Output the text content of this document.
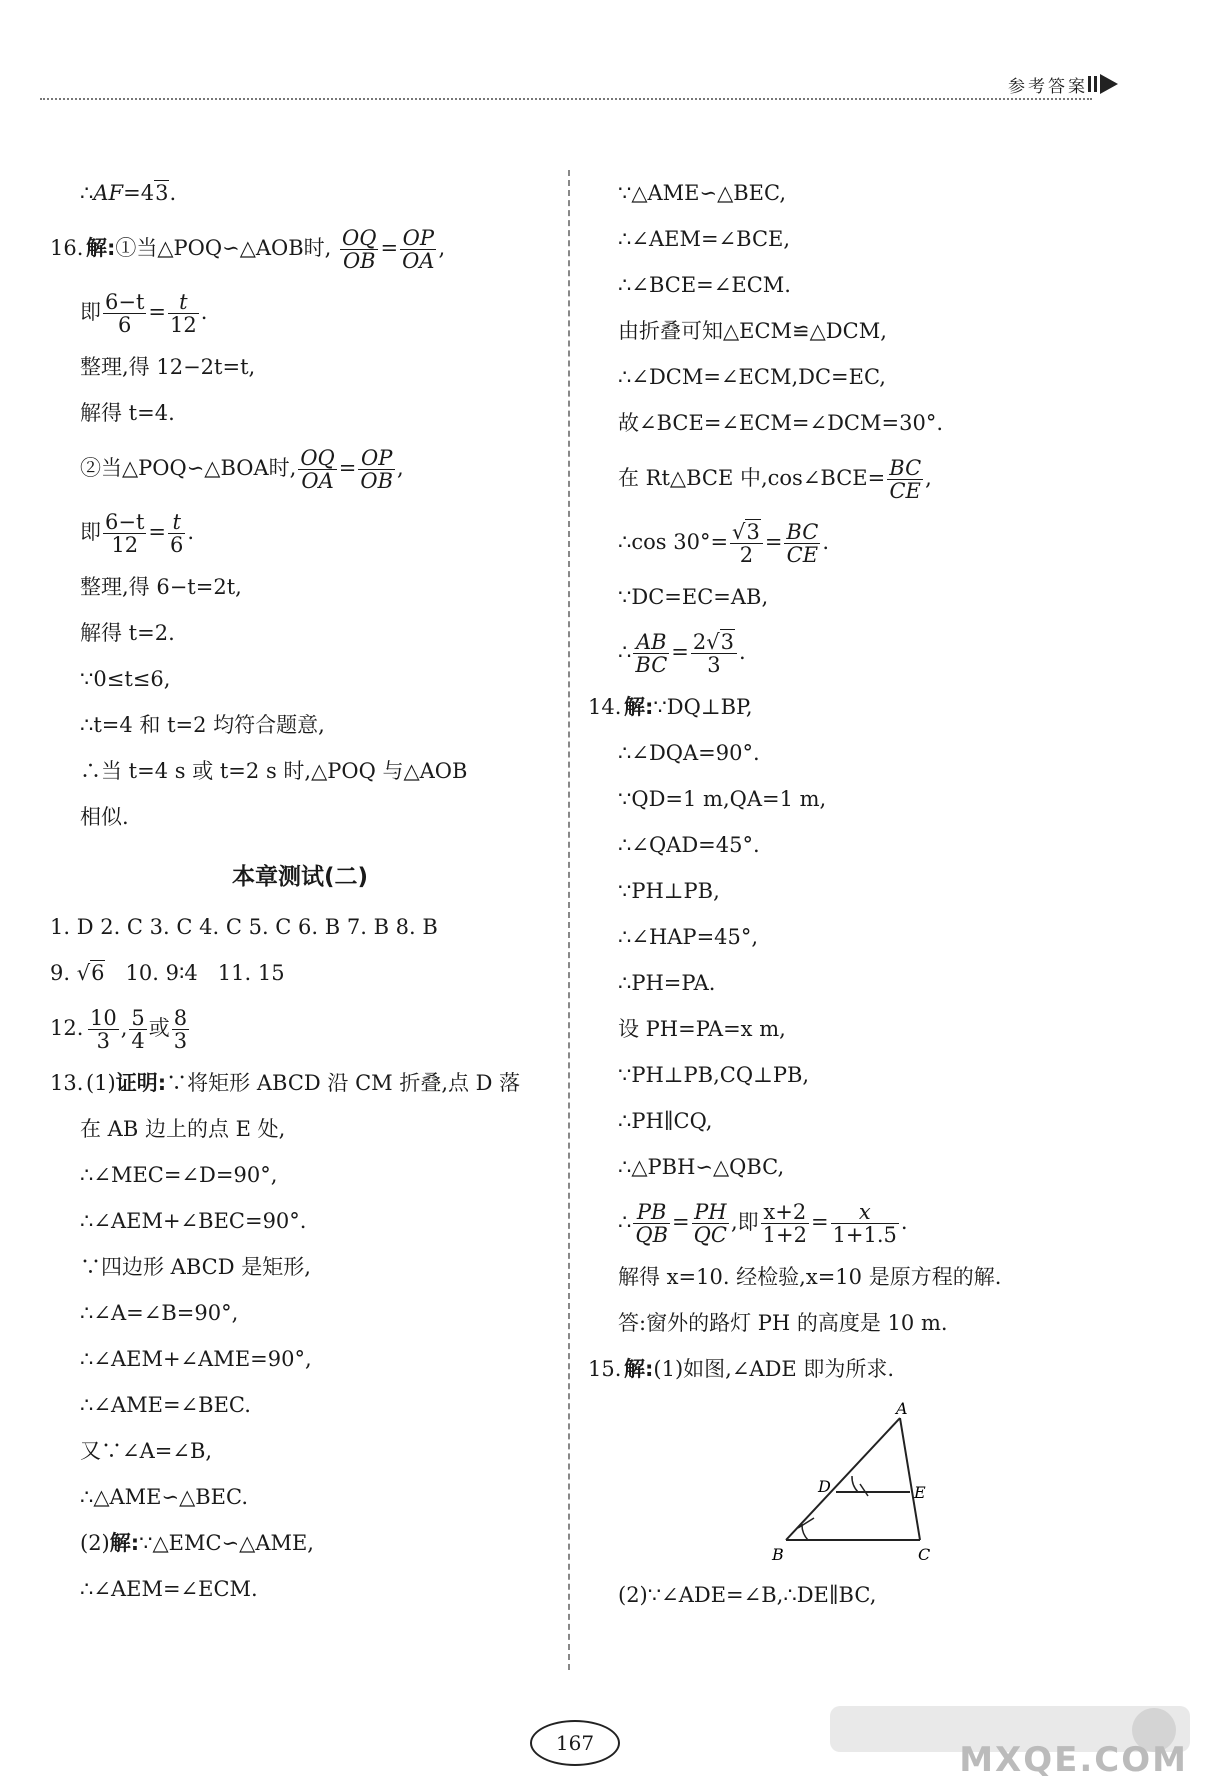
参考答案
∴AF=43.
16. 解:①当△POQ∽△AOB时, $\frac{OQ}{OB} = \frac{OP}{OA}$ ,
即 $\frac{6-t}{6} = \frac{t}{12}$ .
整理,得 12−2t=t,
解得 t=4.
②当△POQ∽△BOA时, $\frac{OQ}{OA} = \frac{OP}{OB}$ ,
即 $\frac{6-t}{12} = \frac{t}{6}$ .
整理,得 6−t=2t,
解得 t=2.
∵0≤t≤6,
∴t=4 和 t=2 均符合题意,
∴当 t=4 s 或 t=2 s 时,△POQ 与△AOB
相似.
本章测试(二)
1. D 2. C 3. C 4. C 5. C 6. B 7. B 8. B
9. √6   10. 9∶4   11. 15
12. $\frac{10}{3}$ , $\frac{5}{4}$ 或 $\frac{8}{3}$
13. (1)证明:∵将矩形 ABCD 沿 CM 折叠,点 D 落
在 AB 边上的点 E 处,
∴∠MEC=∠D=90°,
∴∠AEM+∠BEC=90°.
∵四边形 ABCD 是矩形,
∴∠A=∠B=90°,
∴∠AEM+∠AME=90°,
∴∠AME=∠BEC.
又∵∠A=∠B,
∴△AME∽△BEC.
(2)解:∵△EMC∽△AME,
∴∠AEM=∠ECM.
∵△AME∽△BEC,
∴∠AEM=∠BCE,
∴∠BCE=∠ECM.
由折叠可知△ECM≌△DCM,
∴∠DCM=∠ECM,DC=EC,
故∠BCE=∠ECM=∠DCM=30°.
在 Rt△BCE 中,cos∠BCE= $\frac{BC}{CE}$ ,
∴cos $30^\circ= \frac{√3}{2} = \frac{BC}{CE}$ .
∵DC=EC=AB,
∴ $\frac{AB}{BC} = \frac{2√3}{3}$ .
14. 解:∵DQ⊥BP,
∴∠DQA=90°.
∵QD=1 m,QA=1 m,
∴∠QAD=45°.
∵PH⊥PB,
∴∠HAP=45°,
∴PH=PA.
设 PH=PA=x m,
∵PH⊥PB,CQ⊥PB,
∴PH∥CQ,
∴△PBH∽△QBC,
∴ $\frac{PB}{QB} = \frac{PH}{QC}$ ,即 $\frac{x+2}{1+2} = \frac{x}{1+1.5}$ .
解得 x=10. 经检验,x=10 是原方程的解.
答:窗外的路灯 PH 的高度是 10 m.
15. 解:(1)如图,∠ADE 即为所求.
A
B	C
D	E
(2)∵∠ADE=∠B,∴DE∥BC,
167	MXQE.COM
